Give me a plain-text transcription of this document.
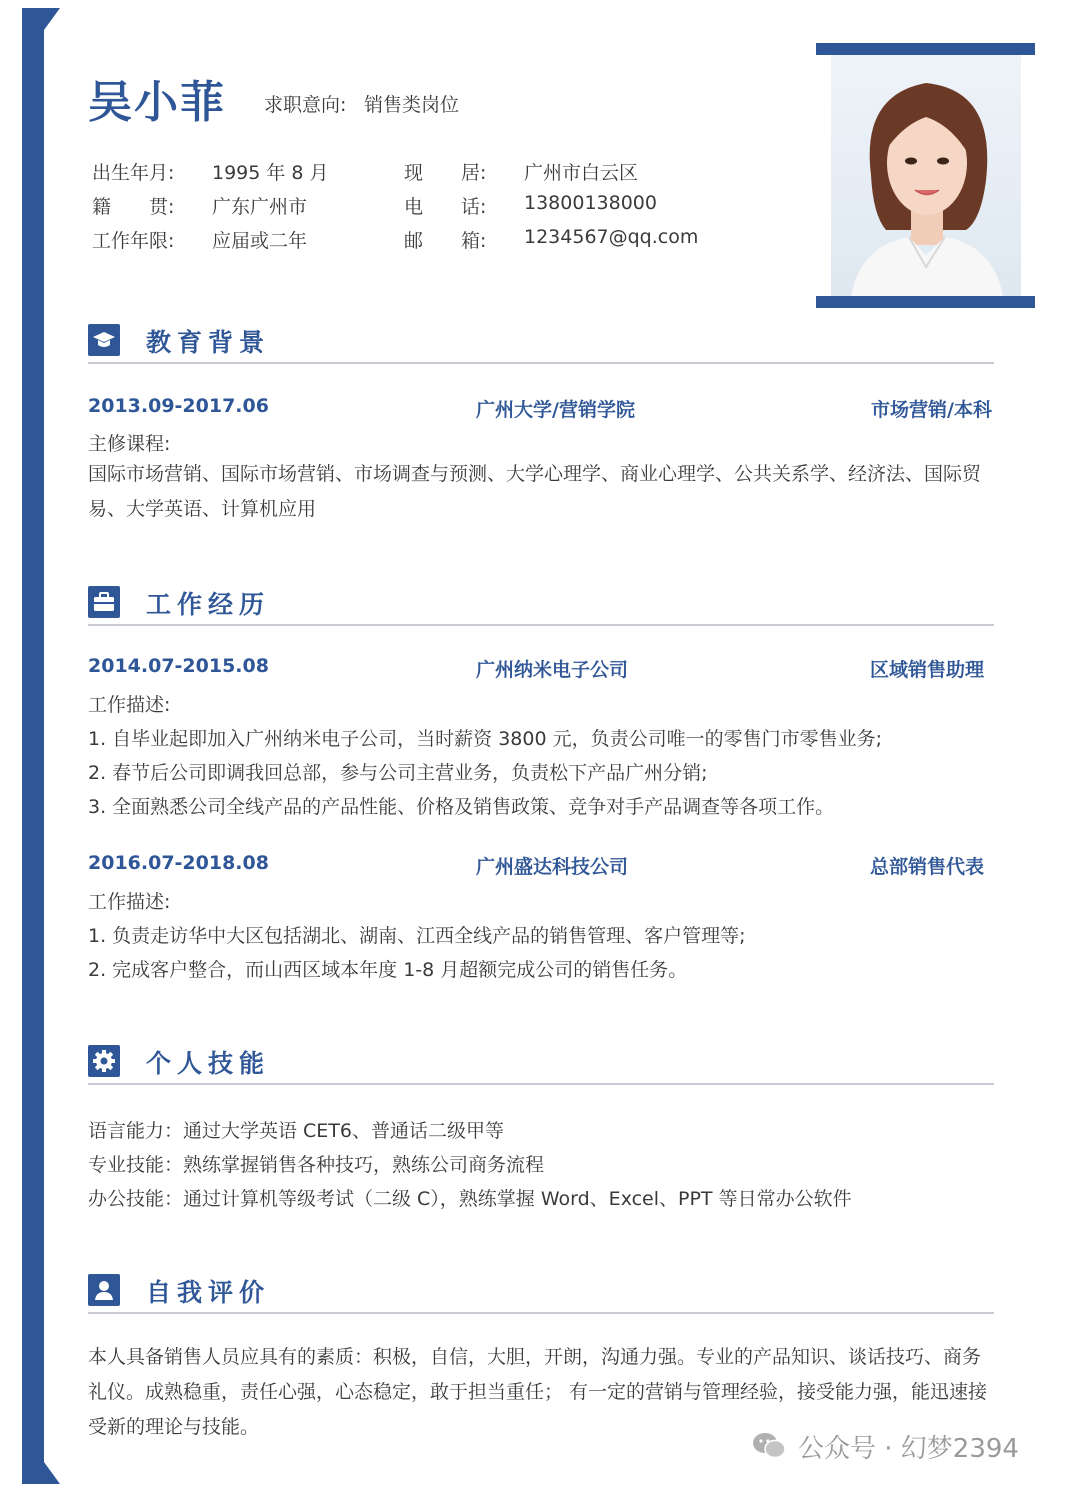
吴小菲 求职意向: 销售类岗位
出生年月: 1995 年 8 月
籍　　贯: 广东广州市
工作年限: 应届或二年
现　　居: 广州市白云区
电　　话: 13800138000
邮　　箱: 1234567@qq.com
教育背景
2013.09-2017.06	广州大学/营销学院	市场营销/本科
主修课程:
国际市场营销、国际市场营销、市场调查与预测、大学心理学、商业心理学、公共关系学、经济法、国际贸易、大学英语、计算机应用
工作经历
2014.07-2015.08	广州纳米电子公司	区域销售助理
工作描述:
1. 自毕业起即加入广州纳米电子公司，当时薪资 3800 元，负责公司唯一的零售门市零售业务;
2. 春节后公司即调我回总部，参与公司主营业务，负责松下产品广州分销;
3. 全面熟悉公司全线产品的产品性能、价格及销售政策、竞争对手产品调查等各项工作。
2016.07-2018.08	广州盛达科技公司	总部销售代表
工作描述:
1. 负责走访华中大区包括湖北、湖南、江西全线产品的销售管理、客户管理等;
2. 完成客户整合，而山西区域本年度 1-8 月超额完成公司的销售任务。
个人技能
语言能力：通过大学英语 CET6、普通话二级甲等
专业技能：熟练掌握销售各种技巧，熟练公司商务流程
办公技能：通过计算机等级考试（二级 C），熟练掌握 Word、Excel、PPT 等日常办公软件
自我评价
本人具备销售人员应具有的素质：积极，自信，大胆，开朗，沟通力强。专业的产品知识、谈话技巧、商务礼仪。成熟稳重，责任心强，心态稳定，敢于担当重任； 有一定的营销与管理经验，接受能力强，能迅速接受新的理论与技能。
公众号 · 幻梦2394
